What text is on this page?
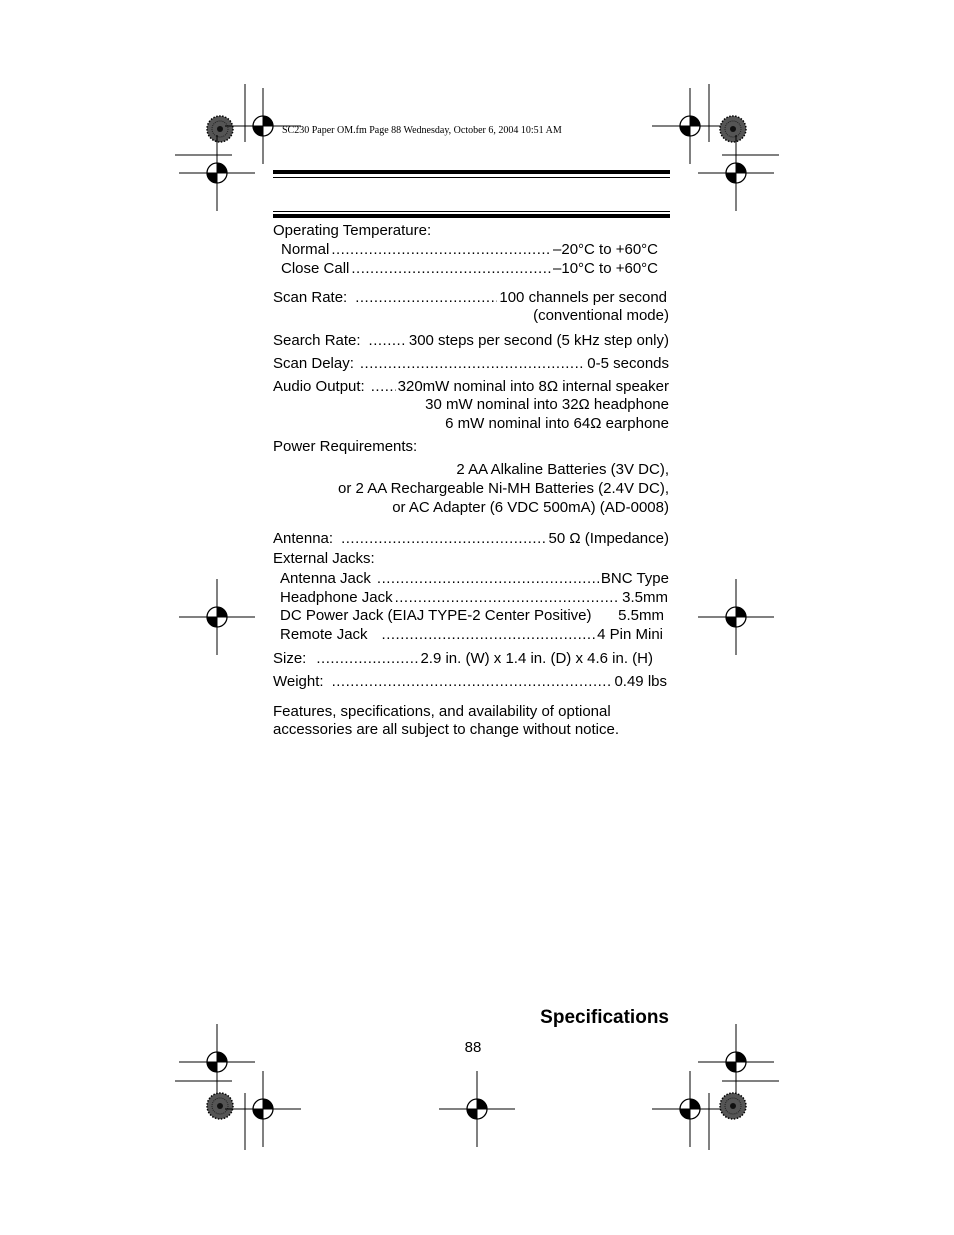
SC230 Paper OM.fm Page 88 Wednesday, October 6, 2004 10:51 AM
Operating Temperature:
Normal .....	–20°C to +60°C
Close Call .....	–10°C to +60°C
Scan Rate: .....	100 channels per second
(conventional mode)
Search Rate: .....	300 steps per second (5 kHz step only)
Scan Delay: .....	0-5 seconds
Audio Output: ..... 320mW nominal into 8Ω internal speaker
30 mW nominal into 32Ω headphone
6 mW nominal into 64Ω earphone
Power Requirements:
2 AA Alkaline Batteries (3V DC),
or 2 AA Rechargeable Ni-MH Batteries (2.4V DC),
or AC Adapter (6 VDC 500mA) (AD-0008)
Antenna: .....	50 Ω (Impedance)
External Jacks:
Antenna Jack .....	BNC Type
Headphone Jack .....	3.5mm
DC Power Jack (EIAJ TYPE-2 Center Positive) 5.5mm
Remote Jack .....	4 Pin Mini
Size: .....	2.9 in. (W) x 1.4 in. (D) x 4.6 in. (H)
Weight: .....	0.49 lbs
Features, specifications, and availability of optional
accessories are all subject to change without notice.
Specifications
88
